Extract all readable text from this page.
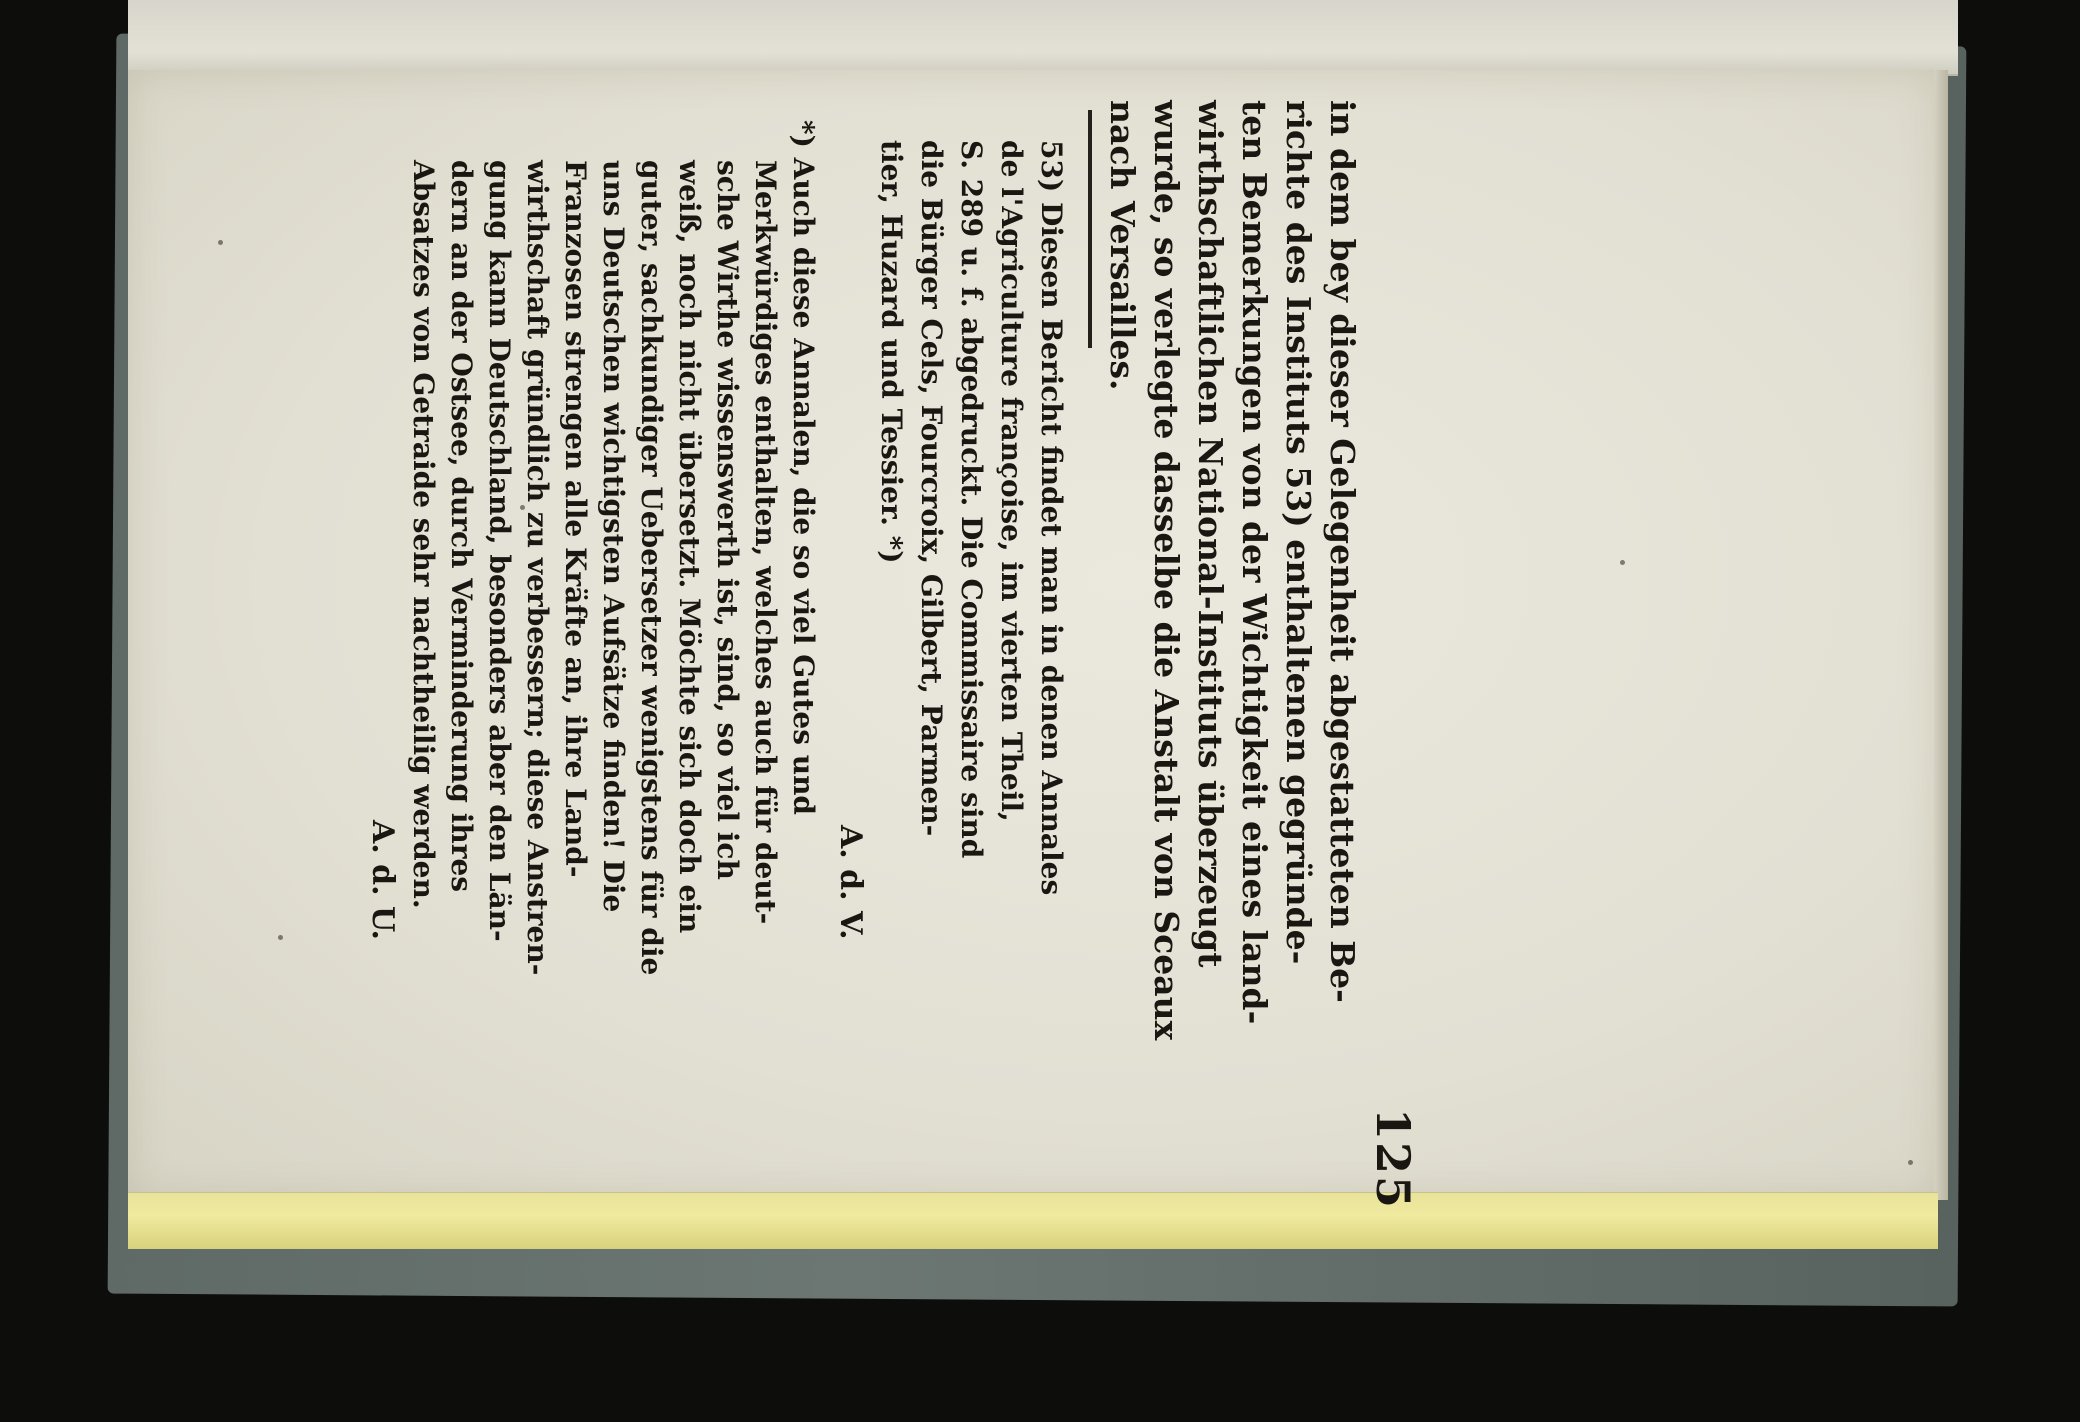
125
in dem bey dieser Gelegenheit abgestatteten Be-
richte des Instituts 53) enthaltenen gegründe-
ten Bemerkungen von der Wichtigkeit eines land-
wirthschaftlichen National-Instituts überzeugt
wurde, so verlegte dasselbe die Anstalt von Sceaux
nach Versailles.
53) Diesen Bericht findet man in denen Annales
de l'Agriculture françoise, im vierten Theil,
S. 289 u. f. abgedruckt. Die Commissaire sind
die Bürger Cels, Fourcroix, Gilbert, Parmen-
tier, Huzard und Tessier. *)
A. d. V.
*) Auch diese Annalen, die so viel Gutes und
Merkwürdiges enthalten, welches auch für deut-
sche Wirthe wissenswerth ist, sind, so viel ich
weiß, noch nicht übersetzt. Möchte sich doch ein
guter, sachkundiger Uebersetzer wenigstens für die
uns Deutschen wichtigsten Aufsätze finden! Die
Franzosen strengen alle Kräfte an, ihre Land-
wirthschaft gründlich zu verbessern; diese Anstren-
gung kann Deutschland, besonders aber den Län-
dern an der Ostsee, durch Verminderung ihres
Absatzes von Getraide sehr nachtheilig werden.
A. d. U.
